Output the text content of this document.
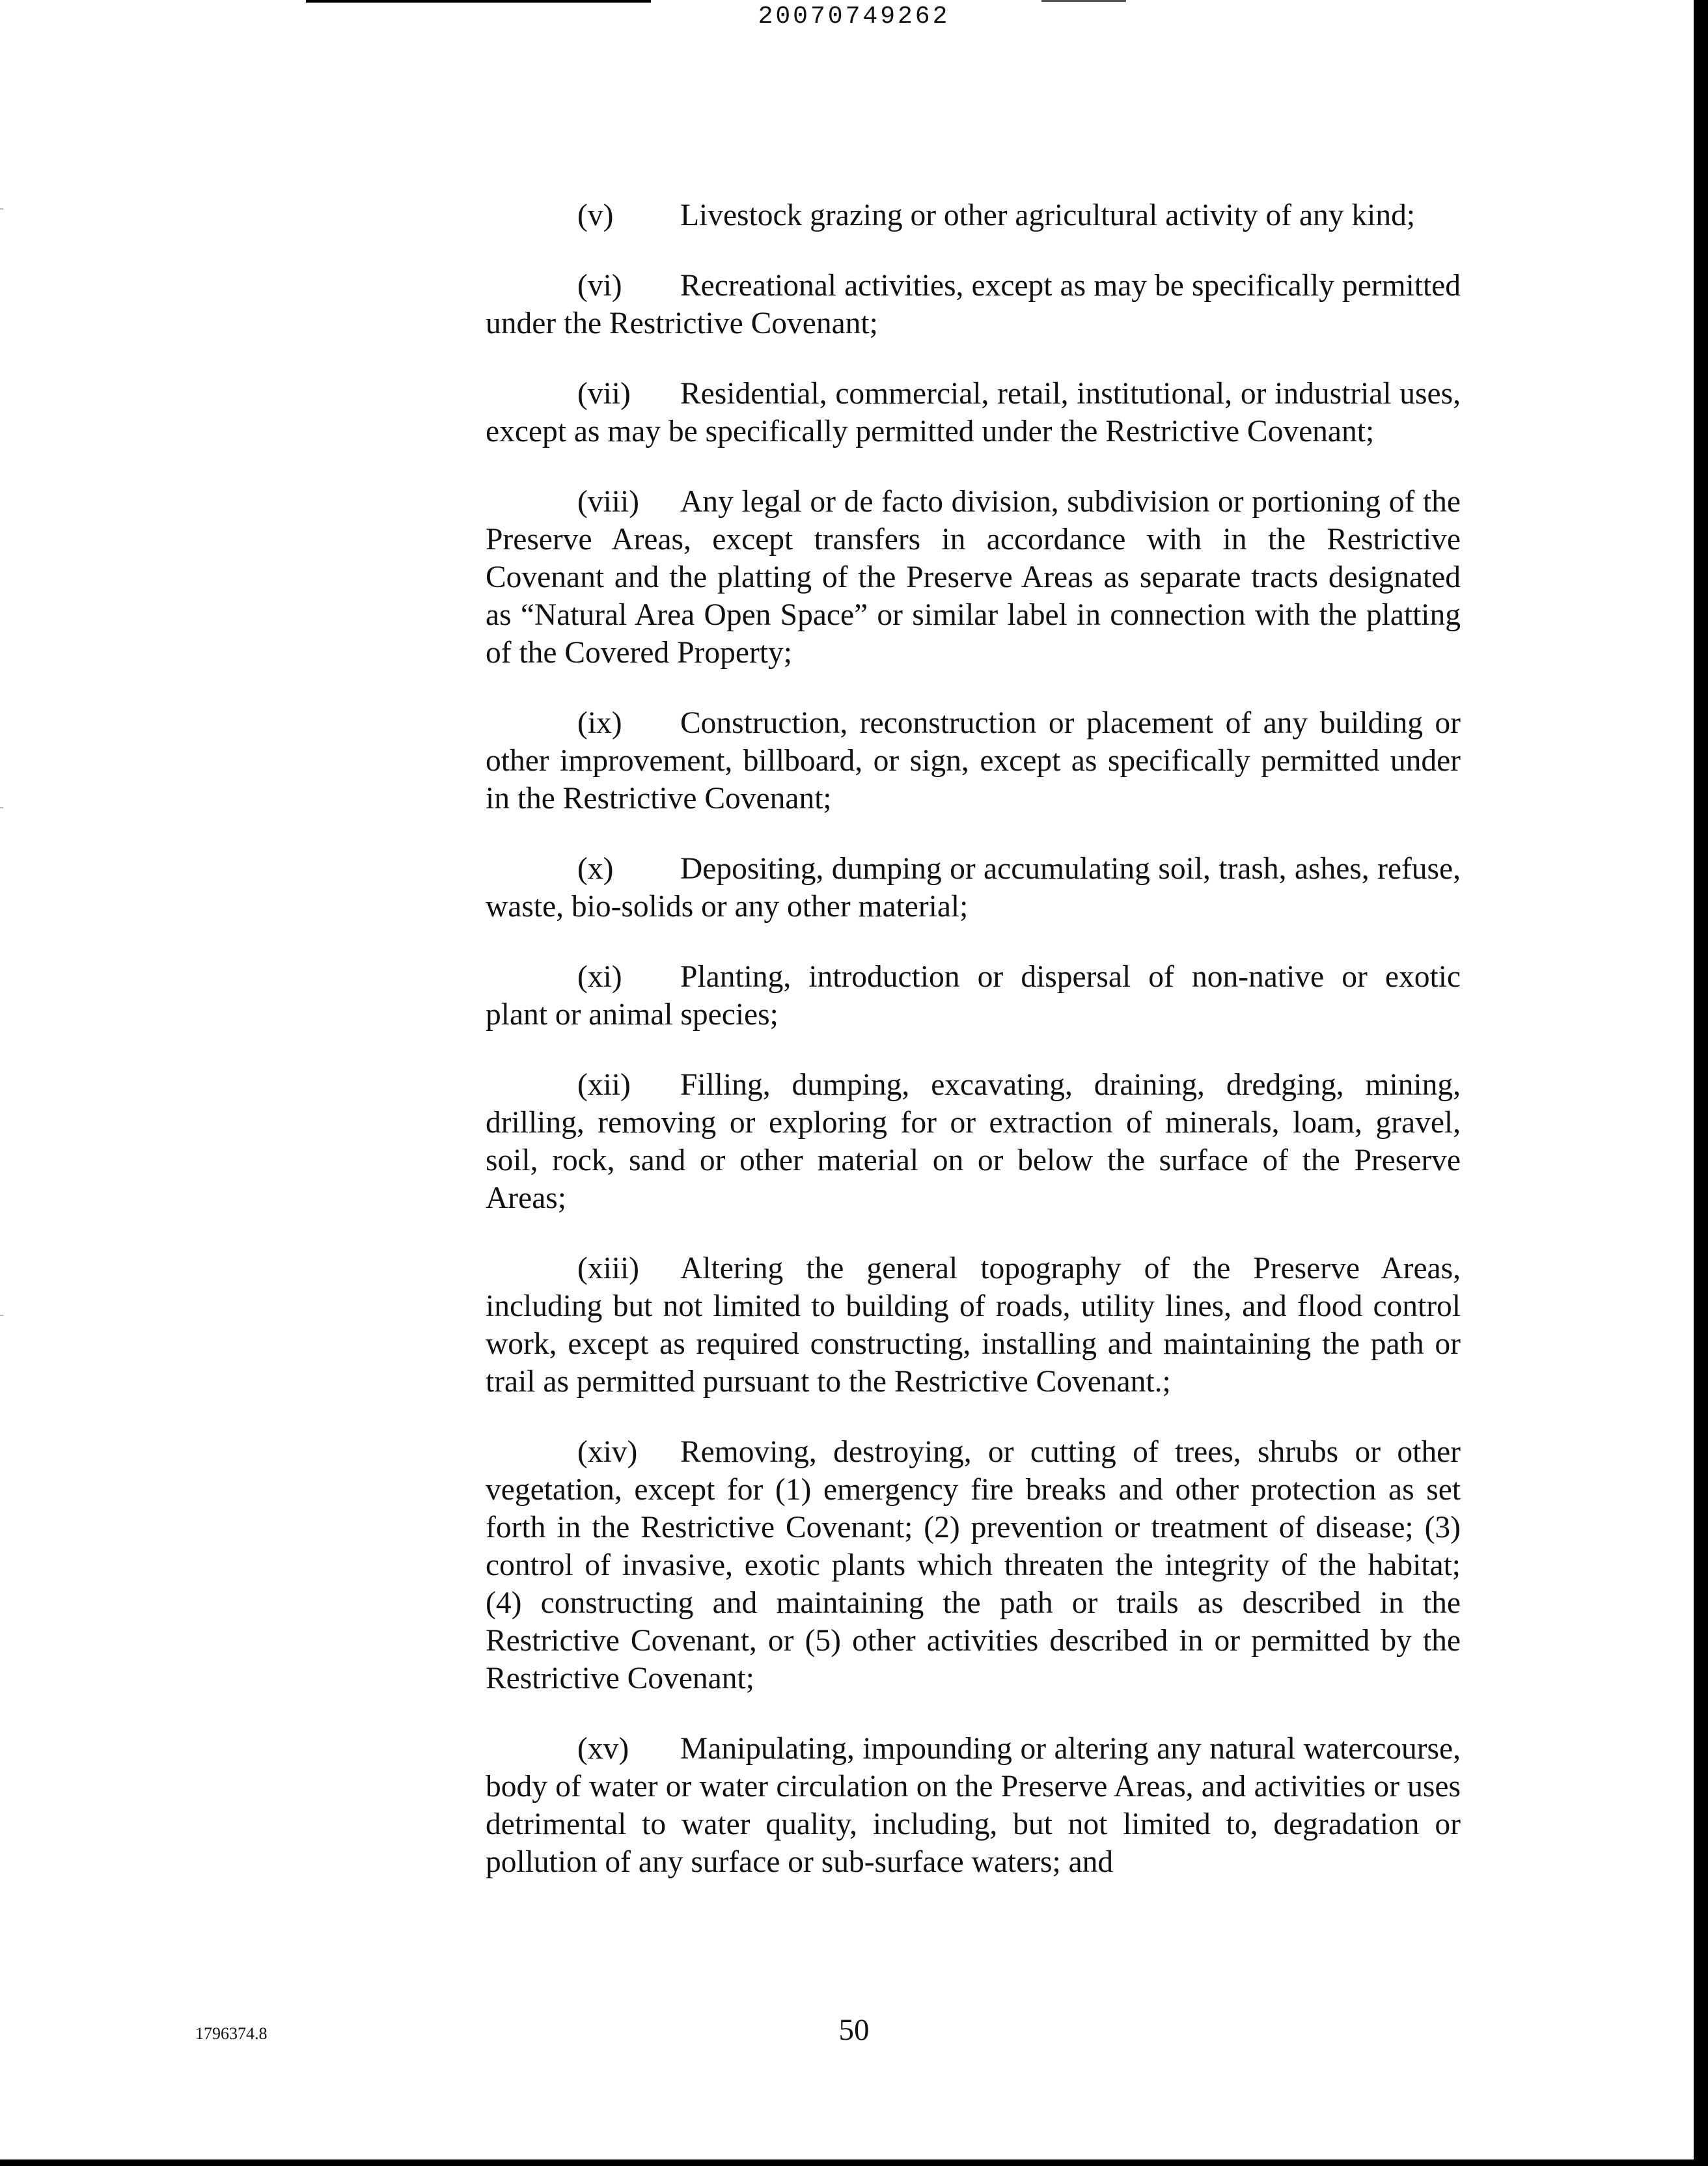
20070749262

(v) Livestock grazing or other agricultural activity of any kind;

(vi) Recreational activities, except as may be specifically permitted under the Restrictive Covenant;

(vii) Residential, commercial, retail, institutional, or industrial uses, except as may be specifically permitted under the Restrictive Covenant;

(viii) Any legal or de facto division, subdivision or portioning of the Preserve Areas, except transfers in accordance with in the Restrictive Covenant and the platting of the Preserve Areas as separate tracts designated as “Natural Area Open Space” or similar label in connection with the platting of the Covered Property;

(ix) Construction, reconstruction or placement of any building or other improvement, billboard, or sign, except as specifically permitted under in the Restrictive Covenant;

(x) Depositing, dumping or accumulating soil, trash, ashes, refuse, waste, bio-solids or any other material;

(xi) Planting, introduction or dispersal of non-native or exotic plant or animal species;

(xii) Filling, dumping, excavating, draining, dredging, mining, drilling, removing or exploring for or extraction of minerals, loam, gravel, soil, rock, sand or other material on or below the surface of the Preserve Areas;

(xiii) Altering the general topography of the Preserve Areas, including but not limited to building of roads, utility lines, and flood control work, except as required constructing, installing and maintaining the path or trail as permitted pursuant to the Restrictive Covenant.;

(xiv) Removing, destroying, or cutting of trees, shrubs or other vegetation, except for (1) emergency fire breaks and other protection as set forth in the Restrictive Covenant; (2) prevention or treatment of disease; (3) control of invasive, exotic plants which threaten the integrity of the habitat; (4) constructing and maintaining the path or trails as described in the Restrictive Covenant, or (5) other activities described in or permitted by the Restrictive Covenant;

(xv) Manipulating, impounding or altering any natural watercourse, body of water or water circulation on the Preserve Areas, and activities or uses detrimental to water quality, including, but not limited to, degradation or pollution of any surface or sub-surface waters; and

1796374.8	50
